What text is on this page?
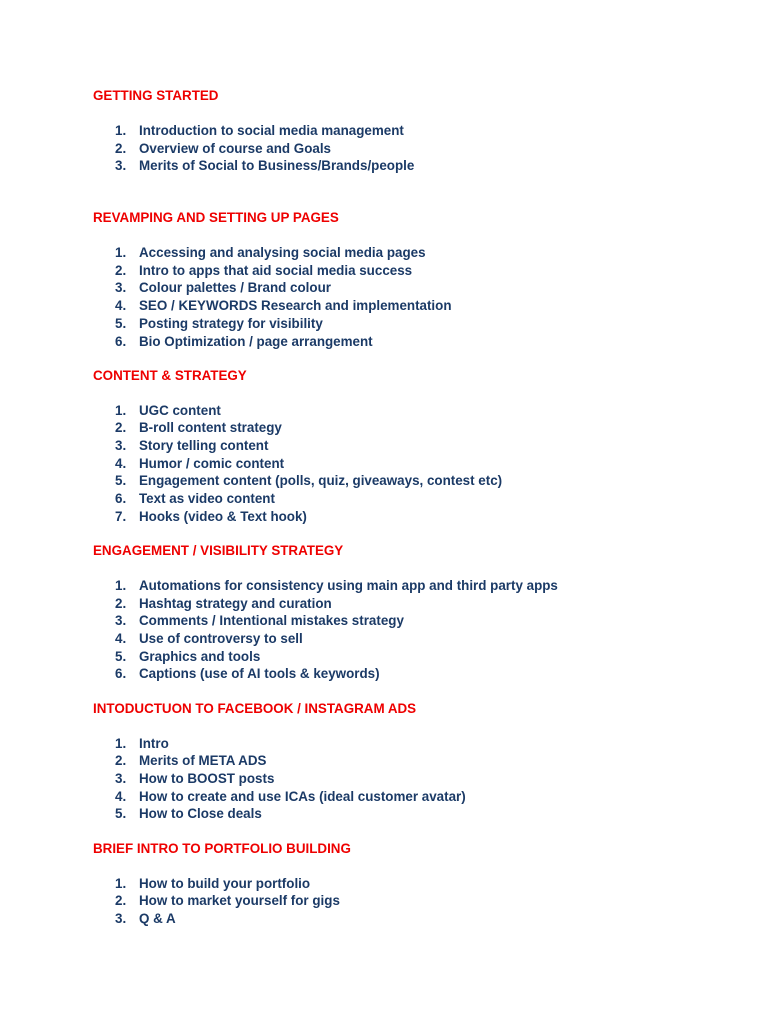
GETTING STARTED

1. Introduction to social media management
2. Overview of course and Goals
3. Merits of Social to Business/Brands/people

REVAMPING AND SETTING UP PAGES

1. Accessing and analysing social media pages
2. Intro to apps that aid social media success
3. Colour palettes / Brand colour
4. SEO / KEYWORDS Research and implementation
5. Posting strategy for visibility
6. Bio Optimization / page arrangement

CONTENT & STRATEGY

1. UGC content
2. B-roll content strategy
3. Story telling content
4. Humor / comic content
5. Engagement content (polls, quiz, giveaways, contest etc)
6. Text as video content
7. Hooks (video & Text hook)

ENGAGEMENT / VISIBILITY STRATEGY

1. Automations for consistency using main app and third party apps
2. Hashtag strategy and curation
3. Comments / Intentional mistakes strategy
4. Use of controversy to sell
5. Graphics and tools
6. Captions (use of AI tools & keywords)

INTODUCTUON TO FACEBOOK / INSTAGRAM ADS

1. Intro
2. Merits of META ADS
3. How to BOOST posts
4. How to create and use ICAs (ideal customer avatar)
5. How to Close deals

BRIEF INTRO TO PORTFOLIO BUILDING

1. How to build your portfolio
2. How to market yourself for gigs
3. Q & A
